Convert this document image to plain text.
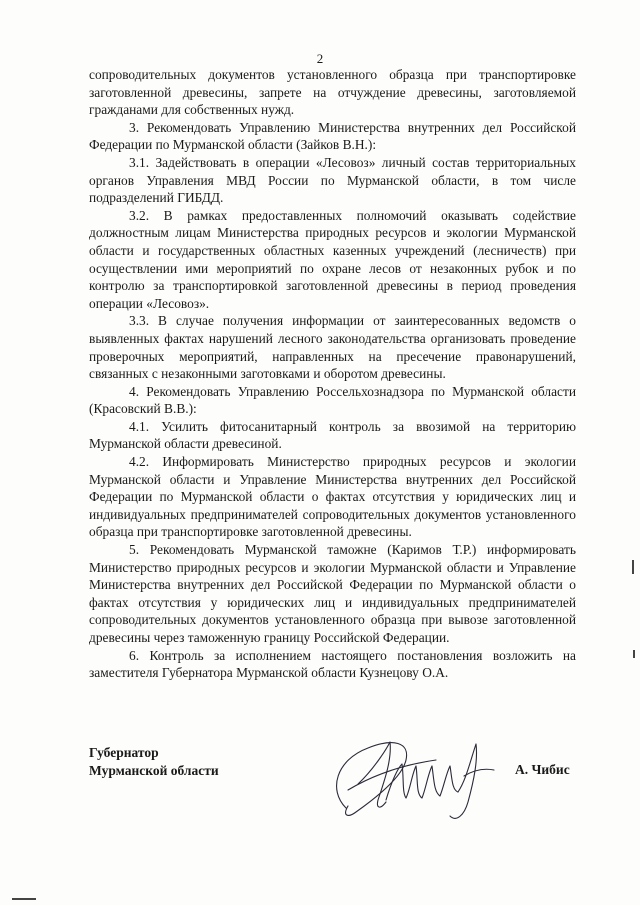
2

сопроводительных документов установленного образца при транспортировке заготовленной древесины, запрете на отчуждение древесины, заготовляемой гражданами для собственных нужд.

3. Рекомендовать Управлению Министерства внутренних дел Российской Федерации по Мурманской области (Зайков В.Н.):

3.1. Задействовать в операции «Лесовоз» личный состав территориальных органов Управления МВД России по Мурманской области, в том числе подразделений ГИБДД.

3.2. В рамках предоставленных полномочий оказывать содействие должностным лицам Министерства природных ресурсов и экологии Мурманской области и государственных областных казенных учреждений (лесничеств) при осуществлении ими мероприятий по охране лесов от незаконных рубок и по контролю за транспортировкой заготовленной древесины в период проведения операции «Лесовоз».

3.3. В случае получения информации от заинтересованных ведомств о выявленных фактах нарушений лесного законодательства организовать проведение проверочных мероприятий, направленных на пресечение правонарушений, связанных с незаконными заготовками и оборотом древесины.

4. Рекомендовать Управлению Россельхознадзора по Мурманской области (Красовский В.В.):

4.1. Усилить фитосанитарный контроль за ввозимой на территорию Мурманской области древесиной.

4.2. Информировать Министерство природных ресурсов и экологии Мурманской области и Управление Министерства внутренних дел Российской Федерации по Мурманской области о фактах отсутствия у юридических лиц и индивидуальных предпринимателей сопроводительных документов установленного образца при транспортировке заготовленной древесины.

5. Рекомендовать Мурманской таможне (Каримов Т.Р.) информировать Министерство природных ресурсов и экологии Мурманской области и Управление Министерства внутренних дел Российской Федерации по Мурманской области о фактах отсутствия у юридических лиц и индивидуальных предпринимателей сопроводительных документов установленного образца при вывозе заготовленной древесины через таможенную границу Российской Федерации.

6. Контроль за исполнением настоящего постановления возложить на заместителя Губернатора Мурманской области Кузнецову О.А.

Губернатор
Мурманской области	А. Чибис
